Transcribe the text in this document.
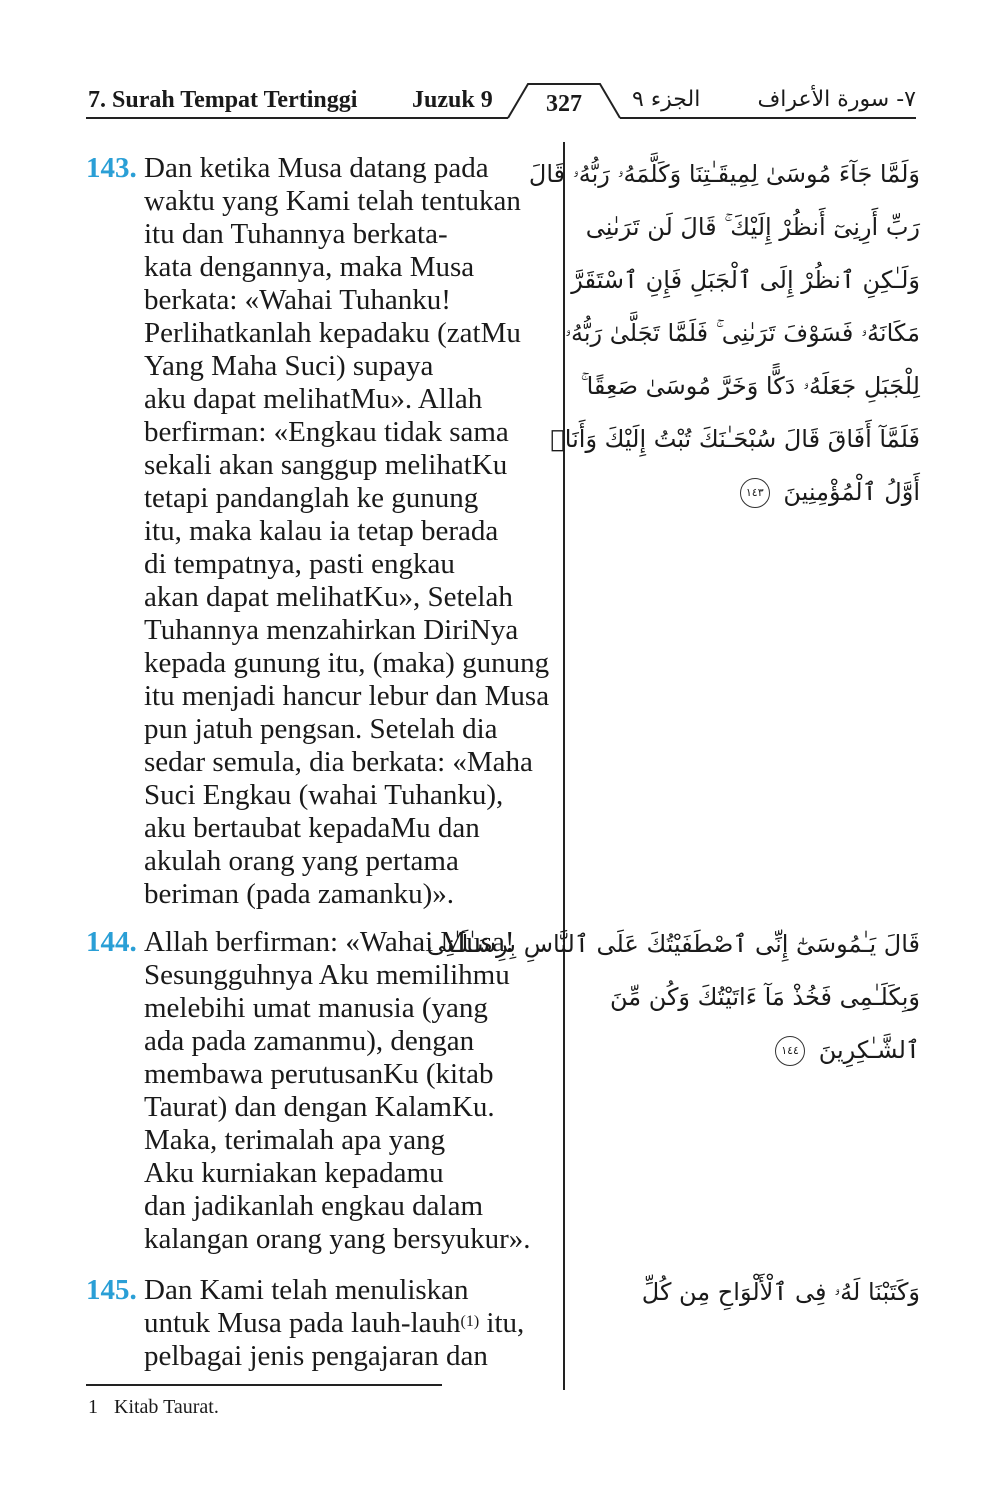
7. Surah Tempat Tertinggi Juzuk 9	327	الجزء ٩	٧- سورة الأعراف
143. Dan ketika Musa datang pada
waktu yang Kami telah tentukan
itu dan Tuhannya berkata-
kata dengannya, maka Musa
berkata: «Wahai Tuhanku!
Perlihatkanlah kepadaku (zatMu
Yang Maha Suci) supaya
aku dapat melihatMu». Allah
berfirman: «Engkau tidak sama
sekali akan sanggup melihatKu
tetapi pandanglah ke gunung
itu, maka kalau ia tetap berada
di tempatnya, pasti engkau
akan dapat melihatKu», Setelah
Tuhannya menzahirkan DiriNya
kepada gunung itu, (maka) gunung
itu menjadi hancur lebur dan Musa
pun jatuh pengsan. Setelah dia
sedar semula, dia berkata: «Maha
Suci Engkau (wahai Tuhanku),
aku bertaubat kepadaMu dan
akulah orang yang pertama
beriman (pada zamanku)».
وَلَمَّا جَآءَ مُوسَىٰ لِمِيقَـٰتِنَا وَكَلَّمَهُۥ رَبُّهُۥ قَالَ
رَبِّ أَرِنِىٓ أَنظُرْ إِلَيْكَ ۚ قَالَ لَن تَرَىٰنِى
وَلَـٰكِنِ ٱنظُرْ إِلَى ٱلْجَبَلِ فَإِنِ ٱسْتَقَرَّ
مَكَانَهُۥ فَسَوْفَ تَرَىٰنِى ۚ فَلَمَّا تَجَلَّىٰ رَبُّهُۥ
لِلْجَبَلِ جَعَلَهُۥ دَكًّا وَخَرَّ مُوسَىٰ صَعِقًا ۚ
فَلَمَّآ أَفَاقَ قَالَ سُبْحَـٰنَكَ تُبْتُ إِلَيْكَ وَأَنَا۠
أَوَّلُ ٱلْمُؤْمِنِينَ ١٤٣
144. Allah berfirman: «Wahai Musa!
Sesungguhnya Aku memilihmu
melebihi umat manusia (yang
ada pada zamanmu), dengan
membawa perutusanKu (kitab
Taurat) dan dengan KalamKu.
Maka, terimalah apa yang
Aku kurniakan kepadamu
dan jadikanlah engkau dalam
kalangan orang yang bersyukur».
قَالَ يَـٰمُوسَىٰٓ إِنِّى ٱصْطَفَيْتُكَ عَلَى ٱلنَّاسِ بِرِسَـٰلَـٰتِى
وَبِكَلَـٰمِى فَخُذْ مَآ ءَاتَيْتُكَ وَكُن مِّنَ
ٱلشَّـٰكِرِينَ ١٤٤
145. Dan Kami telah menuliskan
untuk Musa pada lauh-lauh$^{(1)}$ itu,
pelbagai jenis pengajaran dan
وَكَتَبْنَا لَهُۥ فِى ٱلْأَلْوَاحِ مِن كُلِّ
1 Kitab Taurat.
